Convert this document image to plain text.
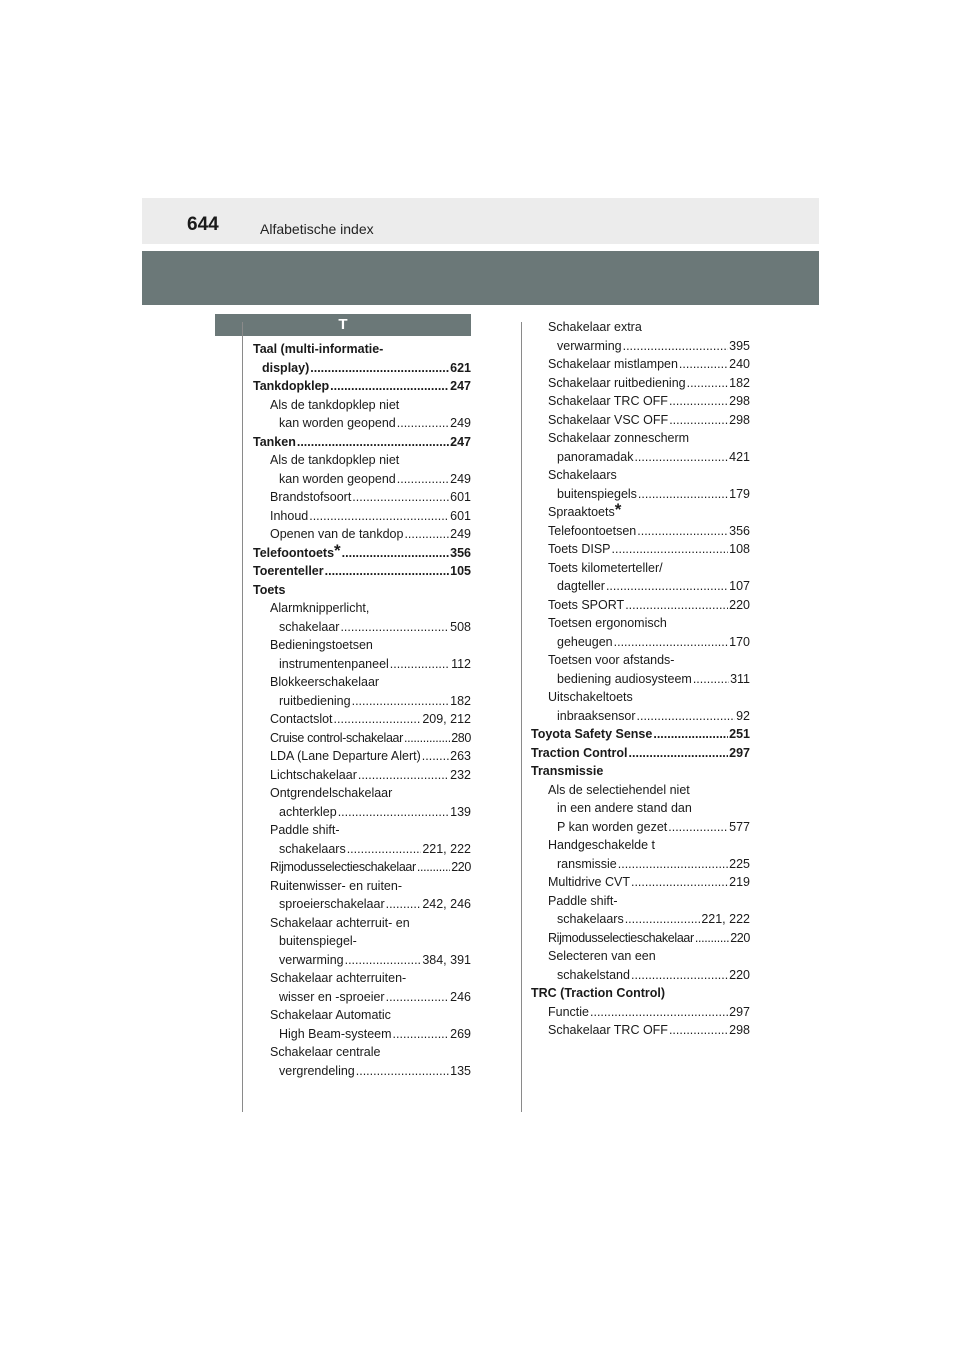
644	Alfabetische index
T
Taal (multi-informatie-
display) .....	621
Tankdopklep .....	247
Als de tankdopklep niet
kan worden geopend .....	249
Tanken .....	247
Als de tankdopklep niet
kan worden geopend .....	249
Brandstofsoort .....	601
Inhoud .....	601
Openen van de tankdop .....	249
Telefoontoets* .....	356
Toerenteller .....	105
Toets
Alarmknipperlicht,
schakelaar .....	508
Bedieningstoetsen
instrumentenpaneel .....	112
Blokkeerschakelaar
ruitbediening .....	182
Contactslot .....	209, 212
Cruise control-schakelaar .....	280
LDA (Lane Departure Alert) ..... 263
Lichtschakelaar .....	232
Ontgrendelschakelaar
achterklep .....	139
Paddle shift-
schakelaars .....	221, 222
Rijmodusselectieschakelaar .....	220
Ruitenwisser- en ruiten-
sproeierschakelaar .....	242, 246
Schakelaar achterruit- en
buitenspiegel-
verwarming .....	384, 391
Schakelaar achterruiten-
wisser en -sproeier .....	246
Schakelaar Automatic
High Beam-systeem .....	269
Schakelaar centrale
vergrendeling .....	135
Schakelaar extra
verwarming .....	395
Schakelaar mistlampen .....	240
Schakelaar ruitbediening .....	182
Schakelaar TRC OFF .....	298
Schakelaar VSC OFF .....	298
Schakelaar zonnescherm
panoramadak .....	421
Schakelaars
buitenspiegels .....	179
Spraaktoets*
Telefoontoetsen .....	356
Toets DISP .....	108
Toets kilometerteller/
dagteller .....	107
Toets SPORT .....	220
Toetsen ergonomisch
geheugen .....	170
Toetsen voor afstands-
bediening audiosysteem .....	311
Uitschakeltoets
inbraaksensor .....	92
Toyota Safety Sense .....	251
Traction Control .....	297
Transmissie
Als de selectiehendel niet
in een andere stand dan
P kan worden gezet .....	577
Handgeschakelde t
ransmissie .....	225
Multidrive CVT .....	219
Paddle shift-
schakelaars .....	221, 222
Rijmodusselectieschakelaar .....	220
Selecteren van een
schakelstand .....	220
TRC (Traction Control)
Functie .....	297
Schakelaar TRC OFF .....	298
